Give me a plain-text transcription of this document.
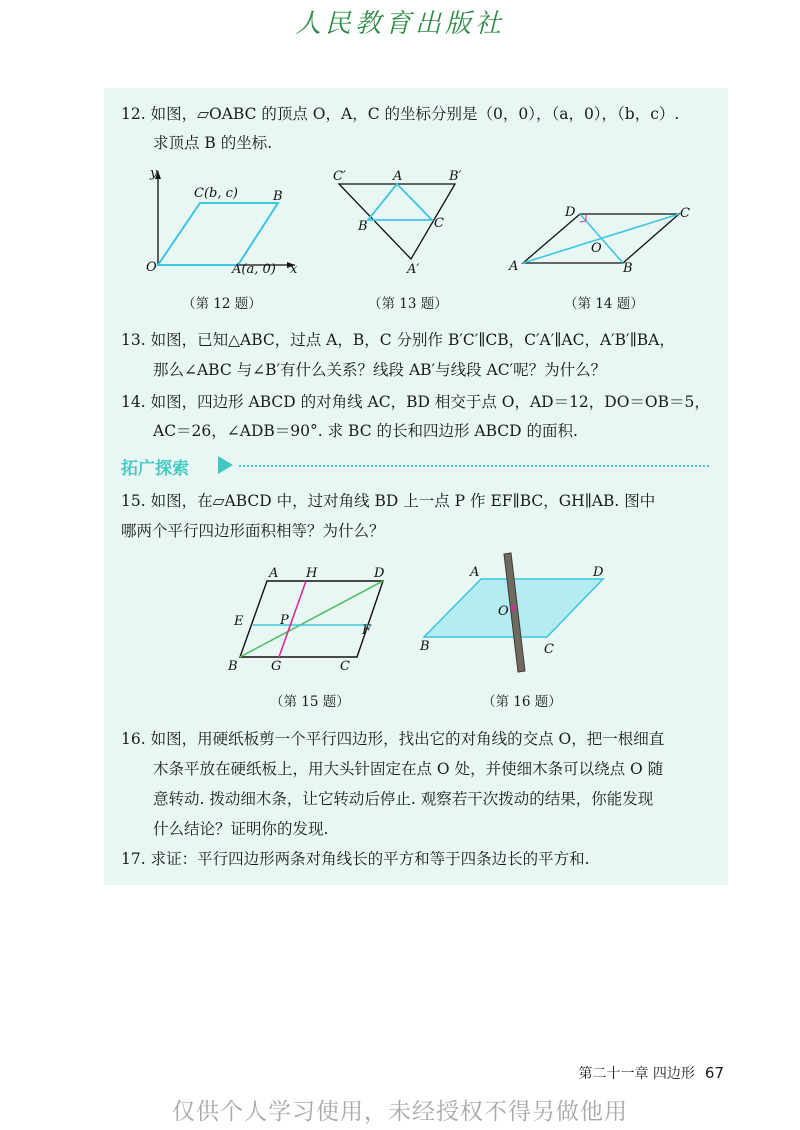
人民教育出版社
12. 如图，▱OABC 的顶点 O，A，C 的坐标分别是（0，0），（a，0），（b，c）.
求顶点 B 的坐标.
y
x
O
C(b, c)	B
A(a, 0)
（第 12 题）
C′	A	B′
B	C
A′
（第 13 题）
D	C
O
A	B
（第 14 题）
13. 如图，已知△ABC，过点 A，B，C 分别作 B′C′∥CB，C′A′∥AC，A′B′∥BA，
那么∠ABC 与∠B′有什么关系？线段 AB′与线段 AC′呢？为什么？
14. 如图，四边形 ABCD 的对角线 AC，BD 相交于点 O，AD＝12，DO＝OB＝5，
AC＝26，∠ADB＝90°. 求 BC 的长和四边形 ABCD 的面积.
拓广探索
15. 如图，在▱ABCD 中，过对角线 BD 上一点 P 作 EF∥BC，GH∥AB. 图中
哪两个平行四边形面积相等？为什么？
A H	D
E	P
F
B	G	C
（第 15 题）
A	D
O
B	C
（第 16 题）
16. 如图，用硬纸板剪一个平行四边形，找出它的对角线的交点 O，把一根细直
木条平放在硬纸板上，用大头针固定在点 O 处，并使细木条可以绕点 O 随
意转动. 拨动细木条，让它转动后停止. 观察若干次拨动的结果，你能发现
什么结论？证明你的发现.
17. 求证：平行四边形两条对角线长的平方和等于四条边长的平方和.
第二十一章 四边形 67
仅供个人学习使用，未经授权不得另做他用
